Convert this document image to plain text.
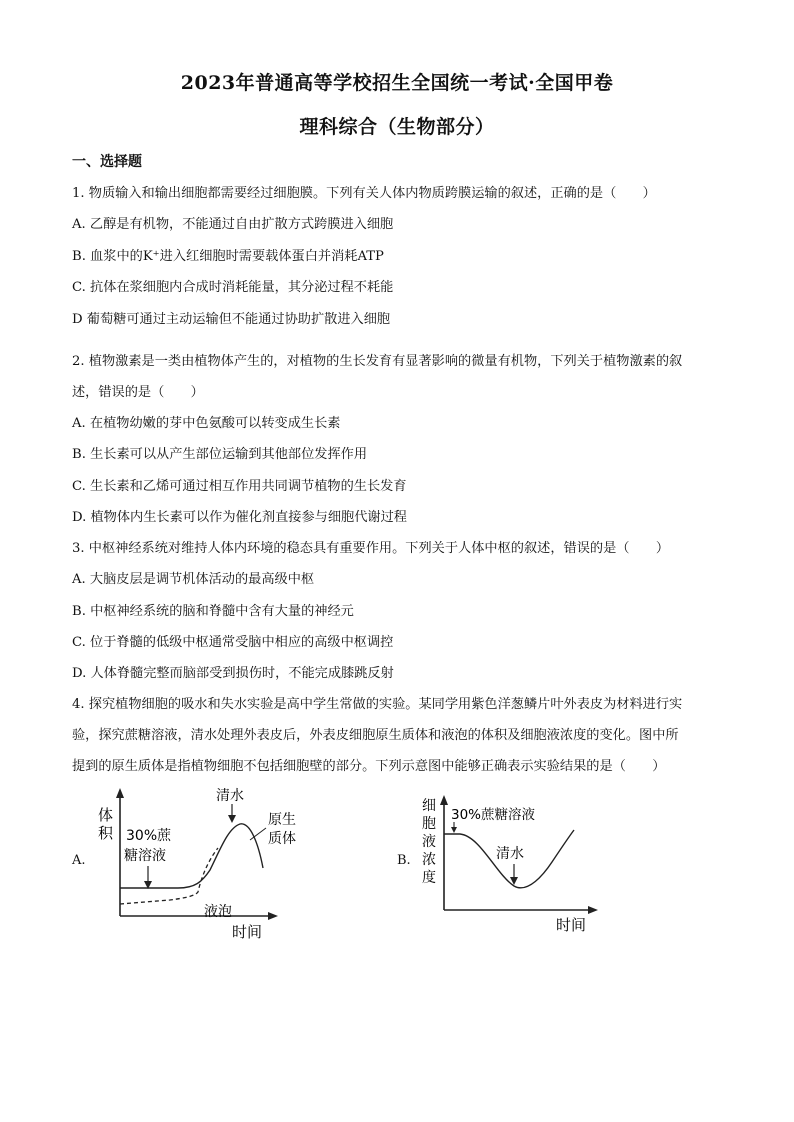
2023年普通高等学校招生全国统一考试·全国甲卷
理科综合（生物部分）
一、选择题
1. 物质输入和输出细胞都需要经过细胞膜。下列有关人体内物质跨膜运输的叙述，正确的是（　　）
A. 乙醇是有机物，不能通过自由扩散方式跨膜进入细胞
B. 血浆中的K⁺进入红细胞时需要载体蛋白并消耗ATP
C. 抗体在浆细胞内合成时消耗能量，其分泌过程不耗能
D 葡萄糖可通过主动运输但不能通过协助扩散进入细胞
2. 植物激素是一类由植物体产生的，对植物的生长发育有显著影响的微量有机物，下列关于植物激素的叙
述，错误的是（　　）
A. 在植物幼嫩的芽中色氨酸可以转变成生长素
B. 生长素可以从产生部位运输到其他部位发挥作用
C. 生长素和乙烯可通过相互作用共同调节植物的生长发育
D. 植物体内生长素可以作为催化剂直接参与细胞代谢过程
3. 中枢神经系统对维持人体内环境的稳态具有重要作用。下列关于人体中枢的叙述，错误的是（　　）
A. 大脑皮层是调节机体活动的最高级中枢
B. 中枢神经系统的脑和脊髓中含有大量的神经元
C. 位于脊髓的低级中枢通常受脑中相应的高级中枢调控
D. 人体脊髓完整而脑部受到损伤时，不能完成膝跳反射
4. 探究植物细胞的吸水和失水实验是高中学生常做的实验。某同学用紫色洋葱鳞片叶外表皮为材料进行实
验，探究蔗糖溶液，清水处理外表皮后，外表皮细胞原生质体和液泡的体积及细胞液浓度的变化。图中所
提到的原生质体是指植物细胞不包括细胞壁的部分。下列示意图中能够正确表示实验结果的是（　　）
A.
体
积 30%蔗
糖溶液
清水
原生
质体
液泡
时间
B.
细
胞
液
浓
度
30%蔗糖溶液
清水
时间
